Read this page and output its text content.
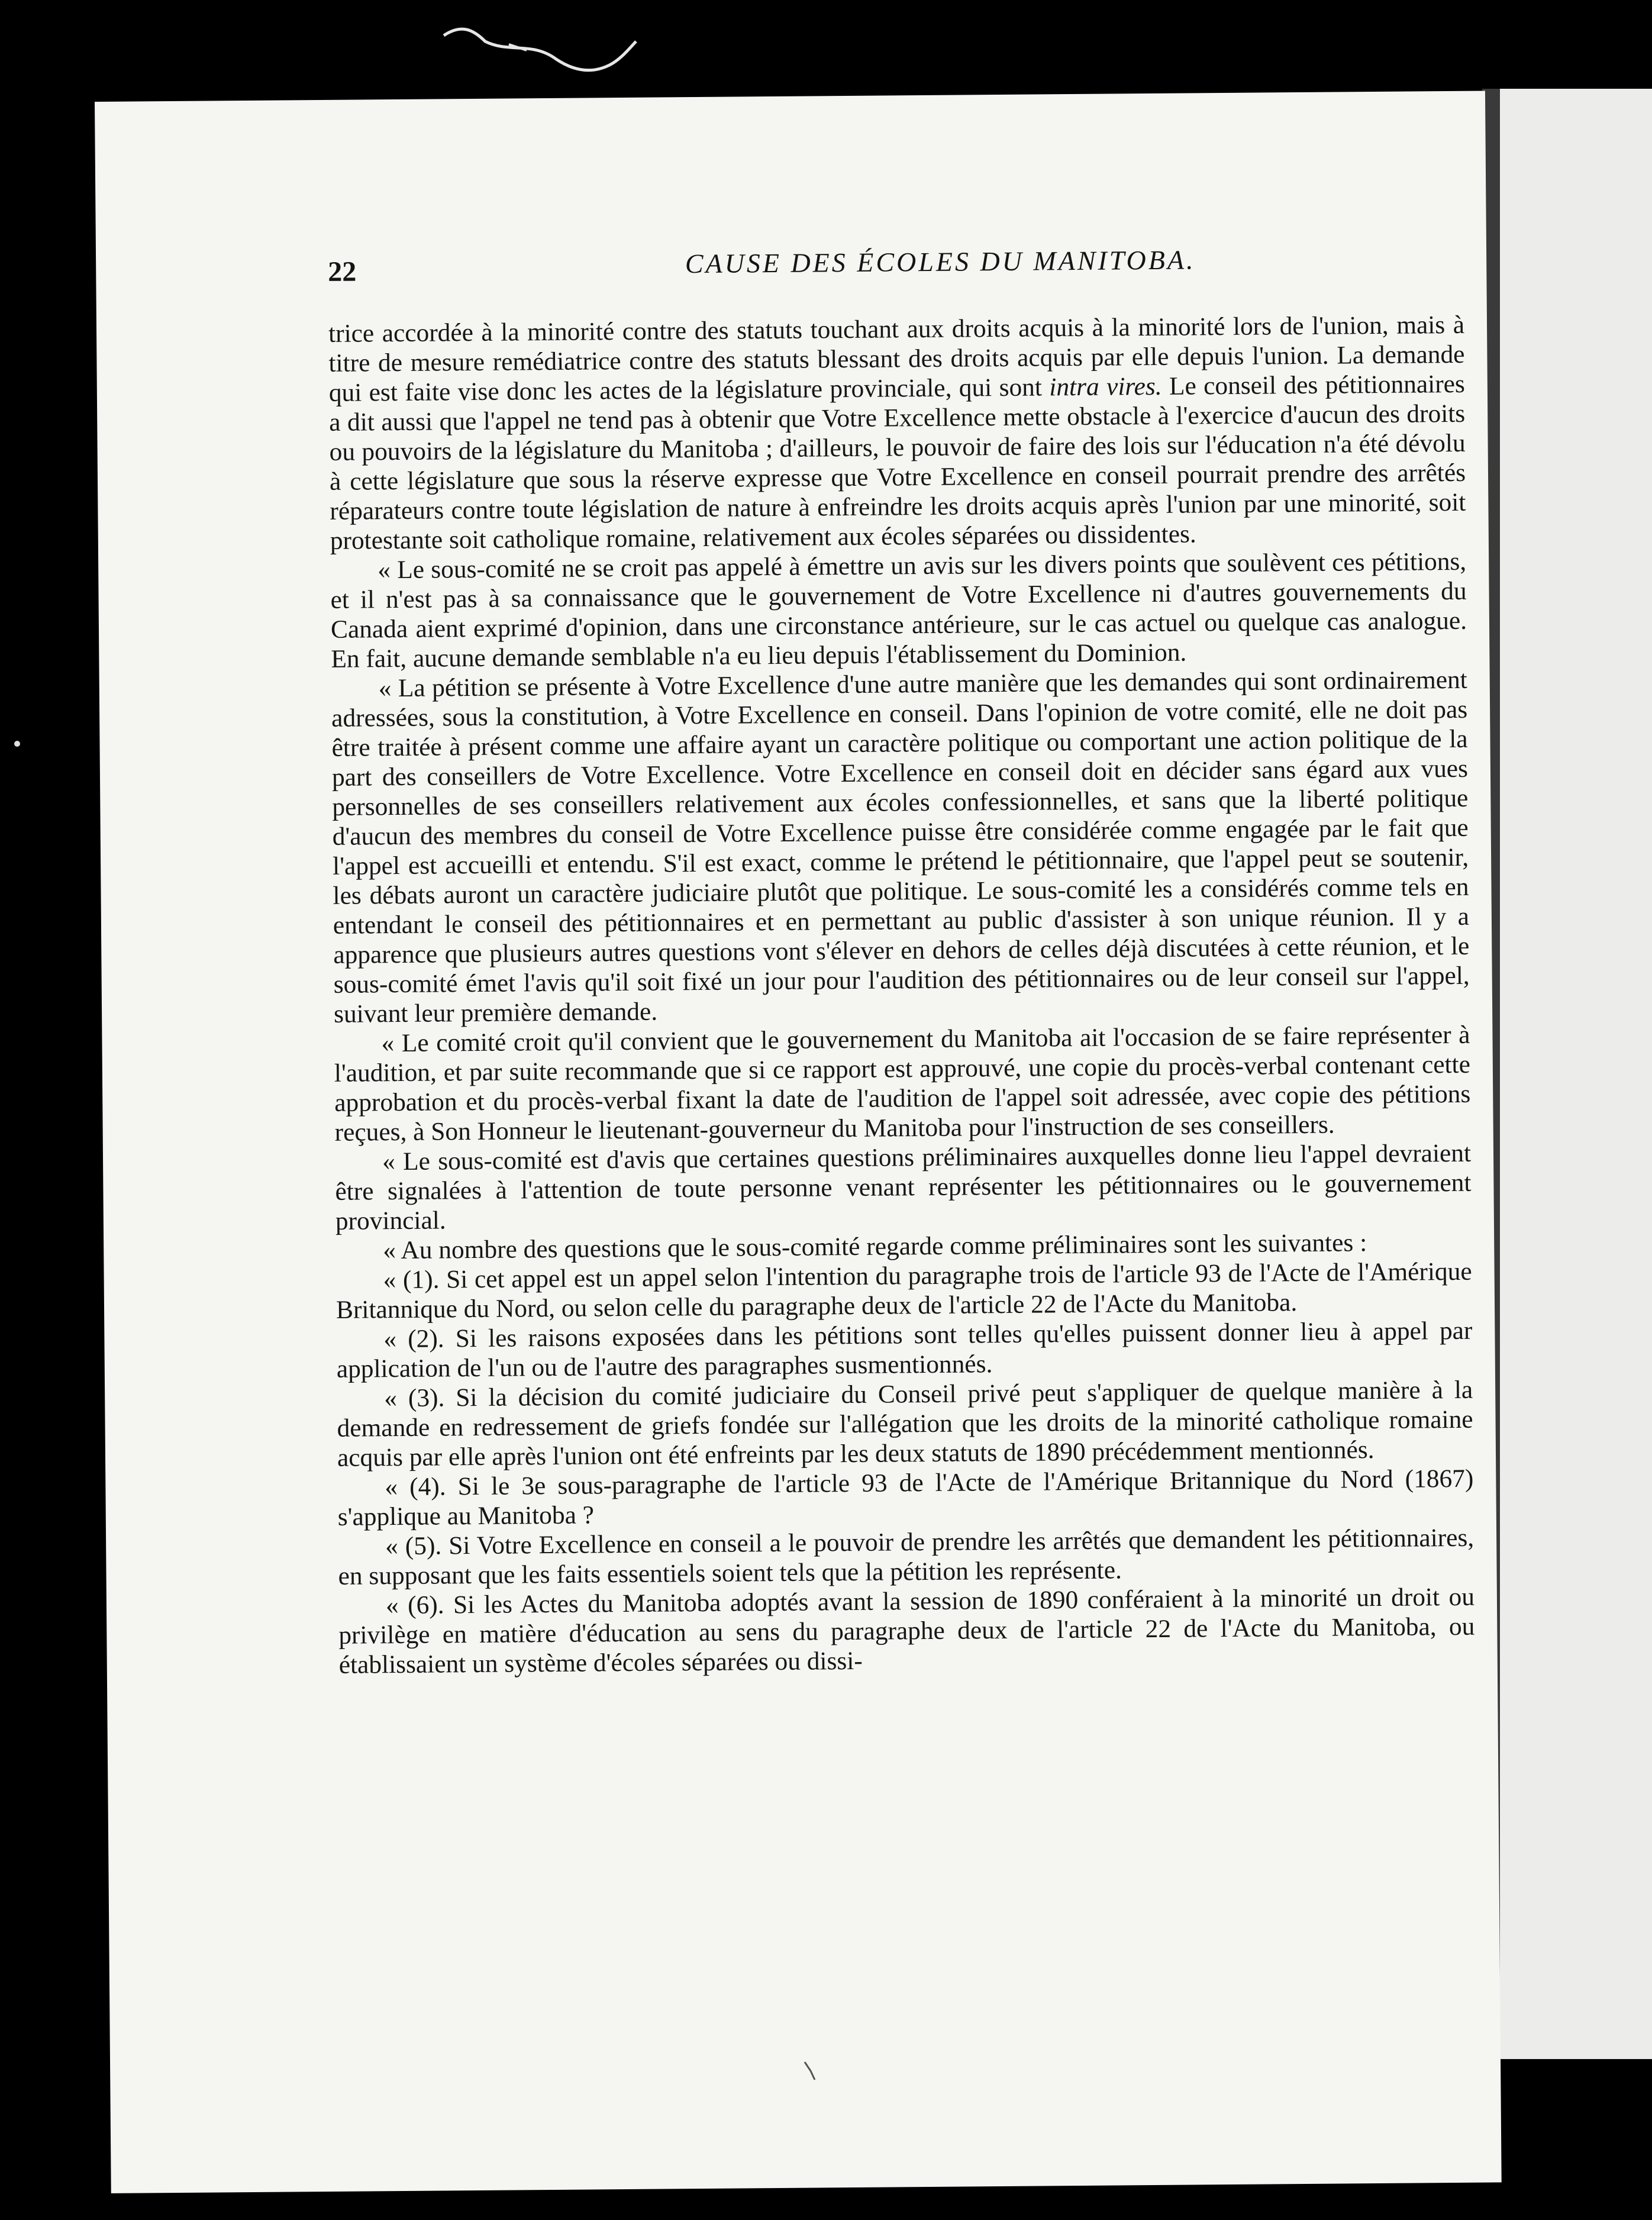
22	CAUSE DES ÉCOLES DU MANITOBA.

trice accordée à la minorité contre des statuts touchant aux droits acquis à la minorité lors de l'union, mais à titre de mesure remédiatrice contre des statuts blessant des droits acquis par elle depuis l'union. La demande qui est faite vise donc les actes de la législature provinciale, qui sont intra vires. Le conseil des pétitionnaires a dit aussi que l'appel ne tend pas à obtenir que Votre Excellence mette obstacle à l'exercice d'aucun des droits ou pouvoirs de la législature du Manitoba ; d'ailleurs, le pouvoir de faire des lois sur l'éducation n'a été dévolu à cette législature que sous la réserve expresse que Votre Excellence en conseil pourrait prendre des arrêtés réparateurs contre toute législation de nature à enfreindre les droits acquis après l'union par une minorité, soit protestante soit catholique romaine, relativement aux écoles séparées ou dissidentes.

« Le sous-comité ne se croit pas appelé à émettre un avis sur les divers points que soulèvent ces pétitions, et il n'est pas à sa connaissance que le gouvernement de Votre Excellence ni d'autres gouvernements du Canada aient exprimé d'opinion, dans une circonstance antérieure, sur le cas actuel ou quelque cas analogue. En fait, aucune demande semblable n'a eu lieu depuis l'établissement du Dominion.

« La pétition se présente à Votre Excellence d'une autre manière que les demandes qui sont ordinairement adressées, sous la constitution, à Votre Excellence en conseil. Dans l'opinion de votre comité, elle ne doit pas être traitée à présent comme une affaire ayant un caractère politique ou comportant une action politique de la part des conseillers de Votre Excellence. Votre Excellence en conseil doit en décider sans égard aux vues personnelles de ses conseillers relativement aux écoles confessionnelles, et sans que la liberté politique d'aucun des membres du conseil de Votre Excellence puisse être considérée comme engagée par le fait que l'appel est accueilli et entendu. S'il est exact, comme le prétend le pétitionnaire, que l'appel peut se soutenir, les débats auront un caractère judiciaire plutôt que politique. Le sous-comité les a considérés comme tels en entendant le conseil des pétitionnaires et en permettant au public d'assister à son unique réunion. Il y a apparence que plusieurs autres questions vont s'élever en dehors de celles déjà discutées à cette réunion, et le sous-comité émet l'avis qu'il soit fixé un jour pour l'audition des pétitionnaires ou de leur conseil sur l'appel, suivant leur première demande.

« Le comité croit qu'il convient que le gouvernement du Manitoba ait l'occasion de se faire représenter à l'audition, et par suite recommande que si ce rapport est approuvé, une copie du procès-verbal contenant cette approbation et du procès-verbal fixant la date de l'audition de l'appel soit adressée, avec copie des pétitions reçues, à Son Honneur le lieutenant-gouverneur du Manitoba pour l'instruction de ses conseillers.

« Le sous-comité est d'avis que certaines questions préliminaires auxquelles donne lieu l'appel devraient être signalées à l'attention de toute personne venant représenter les pétitionnaires ou le gouvernement provincial.

« Au nombre des questions que le sous-comité regarde comme préliminaires sont les suivantes :

« (1). Si cet appel est un appel selon l'intention du paragraphe trois de l'article 93 de l'Acte de l'Amérique Britannique du Nord, ou selon celle du paragraphe deux de l'article 22 de l'Acte du Manitoba.

« (2). Si les raisons exposées dans les pétitions sont telles qu'elles puissent donner lieu à appel par application de l'un ou de l'autre des paragraphes susmentionnés.

« (3). Si la décision du comité judiciaire du Conseil privé peut s'appliquer de quelque manière à la demande en redressement de griefs fondée sur l'allégation que les droits de la minorité catholique romaine acquis par elle après l'union ont été enfreints par les deux statuts de 1890 précédemment mentionnés.

« (4). Si le 3e sous-paragraphe de l'article 93 de l'Acte de l'Amérique Britannique du Nord (1867) s'applique au Manitoba ?

« (5). Si Votre Excellence en conseil a le pouvoir de prendre les arrêtés que demandent les pétitionnaires, en supposant que les faits essentiels soient tels que la pétition les représente.

« (6). Si les Actes du Manitoba adoptés avant la session de 1890 conféraient à la minorité un droit ou privilège en matière d'éducation au sens du paragraphe deux de l'article 22 de l'Acte du Manitoba, ou établissaient un système d'écoles séparées ou dissi-
